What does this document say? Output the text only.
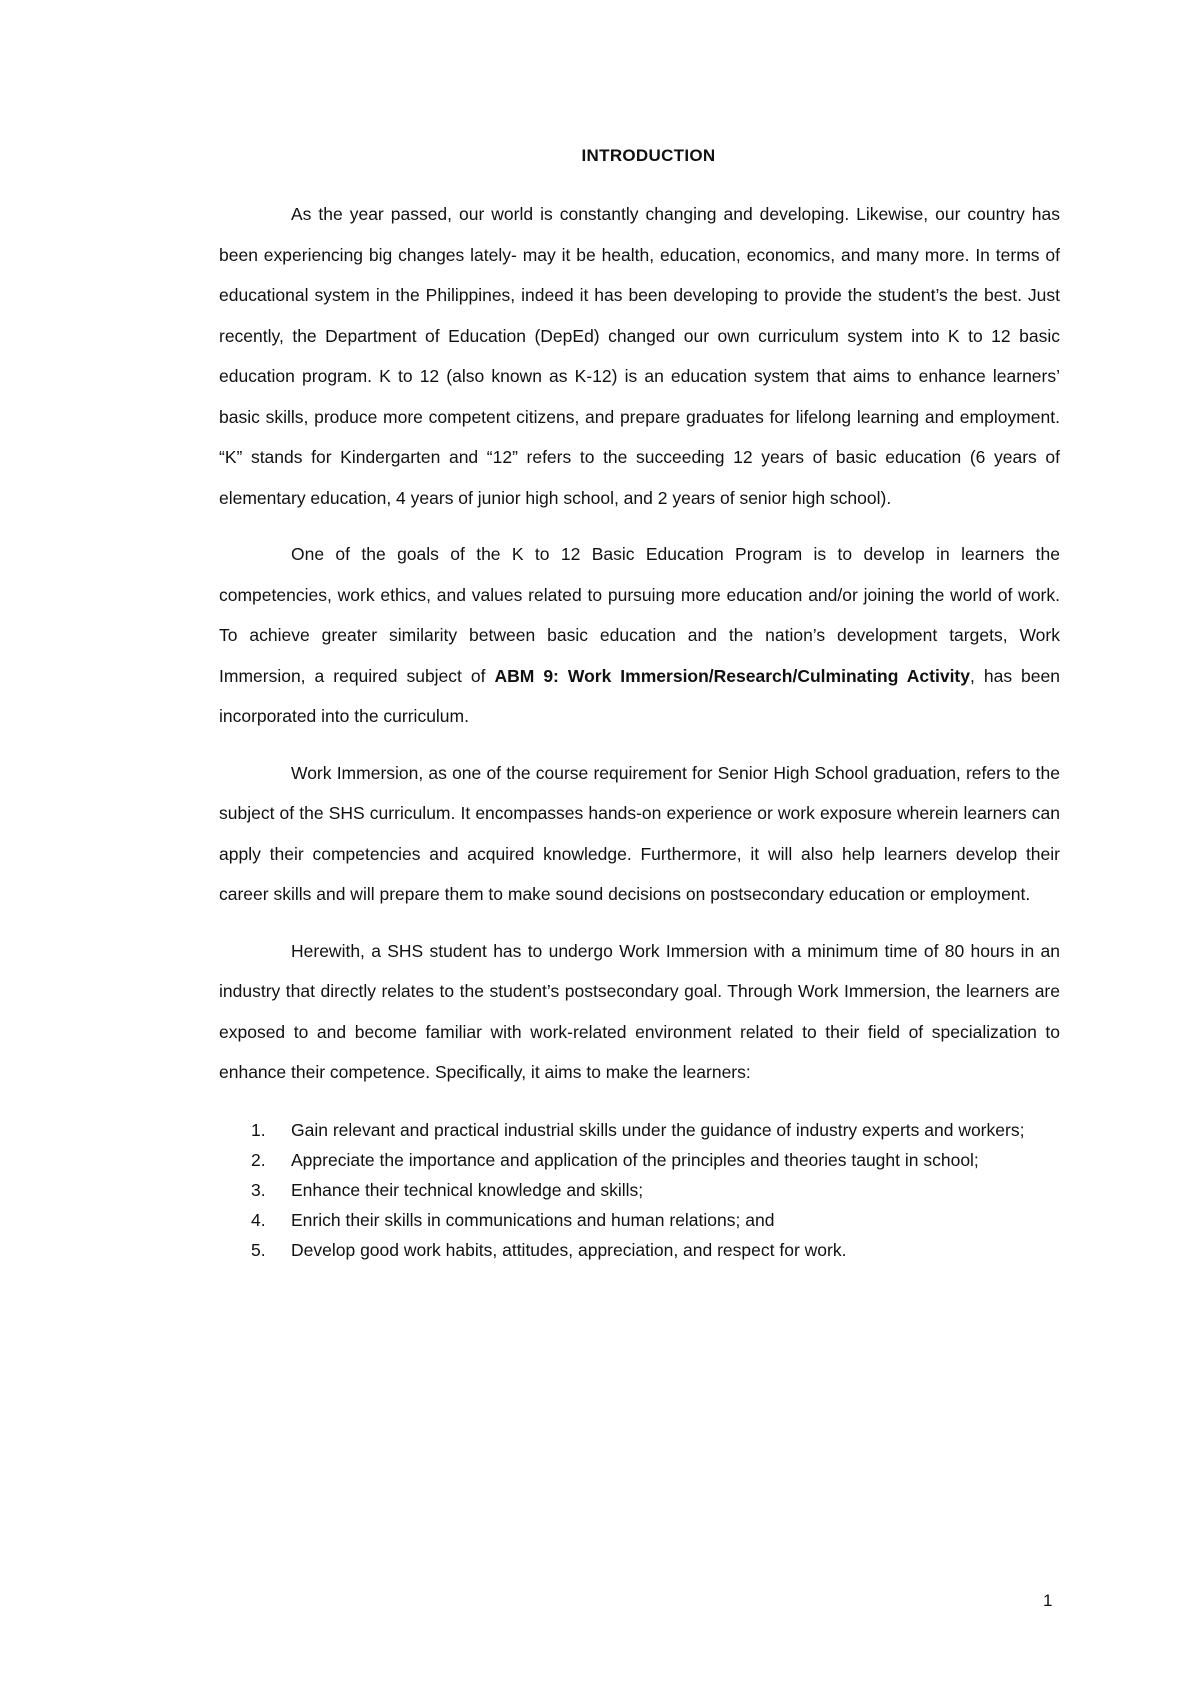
INTRODUCTION

As the year passed, our world is constantly changing and developing. Likewise, our country has been experiencing big changes lately- may it be health, education, economics, and many more. In terms of educational system in the Philippines, indeed it has been developing to provide the student’s the best. Just recently, the Department of Education (DepEd) changed our own curriculum system into K to 12 basic education program. K to 12 (also known as K-12) is an education system that aims to enhance learners’ basic skills, produce more competent citizens, and prepare graduates for lifelong learning and employment. “K” stands for Kindergarten and “12” refers to the succeeding 12 years of basic education (6 years of elementary education, 4 years of junior high school, and 2 years of senior high school).

One of the goals of the K to 12 Basic Education Program is to develop in learners the competencies, work ethics, and values related to pursuing more education and/or joining the world of work. To achieve greater similarity between basic education and the nation’s development targets, Work Immersion, a required subject of ABM 9: Work Immersion/Research/Culminating Activity, has been incorporated into the curriculum.

Work Immersion, as one of the course requirement for Senior High School graduation, refers to the subject of the SHS curriculum. It encompasses hands-on experience or work exposure wherein learners can apply their competencies and acquired knowledge. Furthermore, it will also help learners develop their career skills and will prepare them to make sound decisions on postsecondary education or employment.

Herewith, a SHS student has to undergo Work Immersion with a minimum time of 80 hours in an industry that directly relates to the student’s postsecondary goal. Through Work Immersion, the learners are exposed to and become familiar with work-related environment related to their field of specialization to enhance their competence. Specifically, it aims to make the learners:

1. Gain relevant and practical industrial skills under the guidance of industry experts and workers;
2. Appreciate the importance and application of the principles and theories taught in school;
3. Enhance their technical knowledge and skills;
4. Enrich their skills in communications and human relations; and
5. Develop good work habits, attitudes, appreciation, and respect for work.
1
